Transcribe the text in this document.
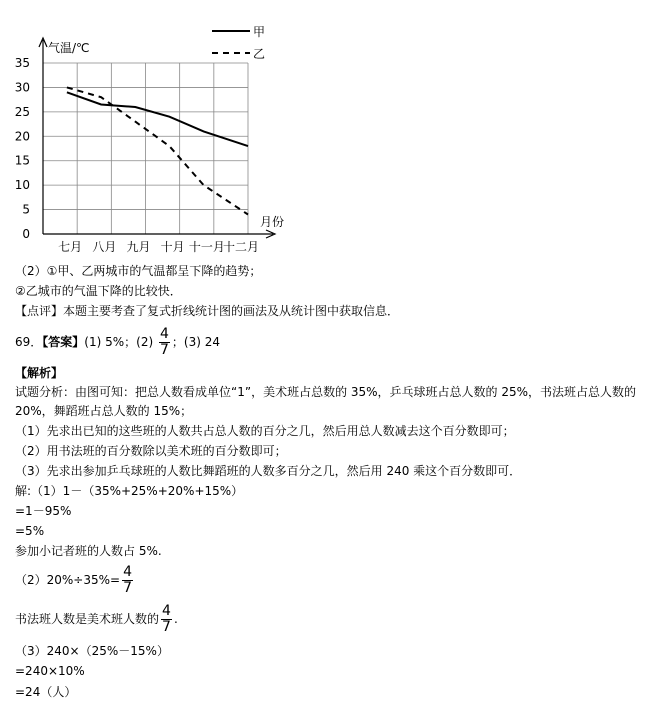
0
5
10
15
20
25
30
35
七月 八月 九月 十月 十一月
十二月
甲
乙
气温/℃
月份
（2）①甲、乙两城市的气温都呈下降的趋势；
②乙城市的气温下降的比较快．
【点评】本题主要考查了复式折线统计图的画法及从统计图中获取信息．
69．【答案】(1) 5%；$(2) \frac{4}{7}$ ；(3) 24
【解析】
试题分析：由图可知：把总人数看成单位“1”，美术班占总数的 35%，乒乓球班占总人数的 25%，书法班占总人数的
20%，舞蹈班占总人数的 15%；
（1）先求出已知的这些班的人数共占总人数的百分之几，然后用总人数减去这个百分数即可；
（2）用书法班的百分数除以美术班的百分数即可；
（3）先求出参加乒乓球班的人数比舞蹈班的人数多百分之几，然后用 240 乘这个百分数即可．
解:（1）1－（35%+25%+20%+15%）
=1－95%
=5%
参加小记者班的人数占 5%.
$(2)20\%\div 35\%= \frac{4}{7}$
书法班人数是美术班人数的 $\frac{4}{7}$ .
（3）240×（25%－15%）
=240×10%
=24（人）
